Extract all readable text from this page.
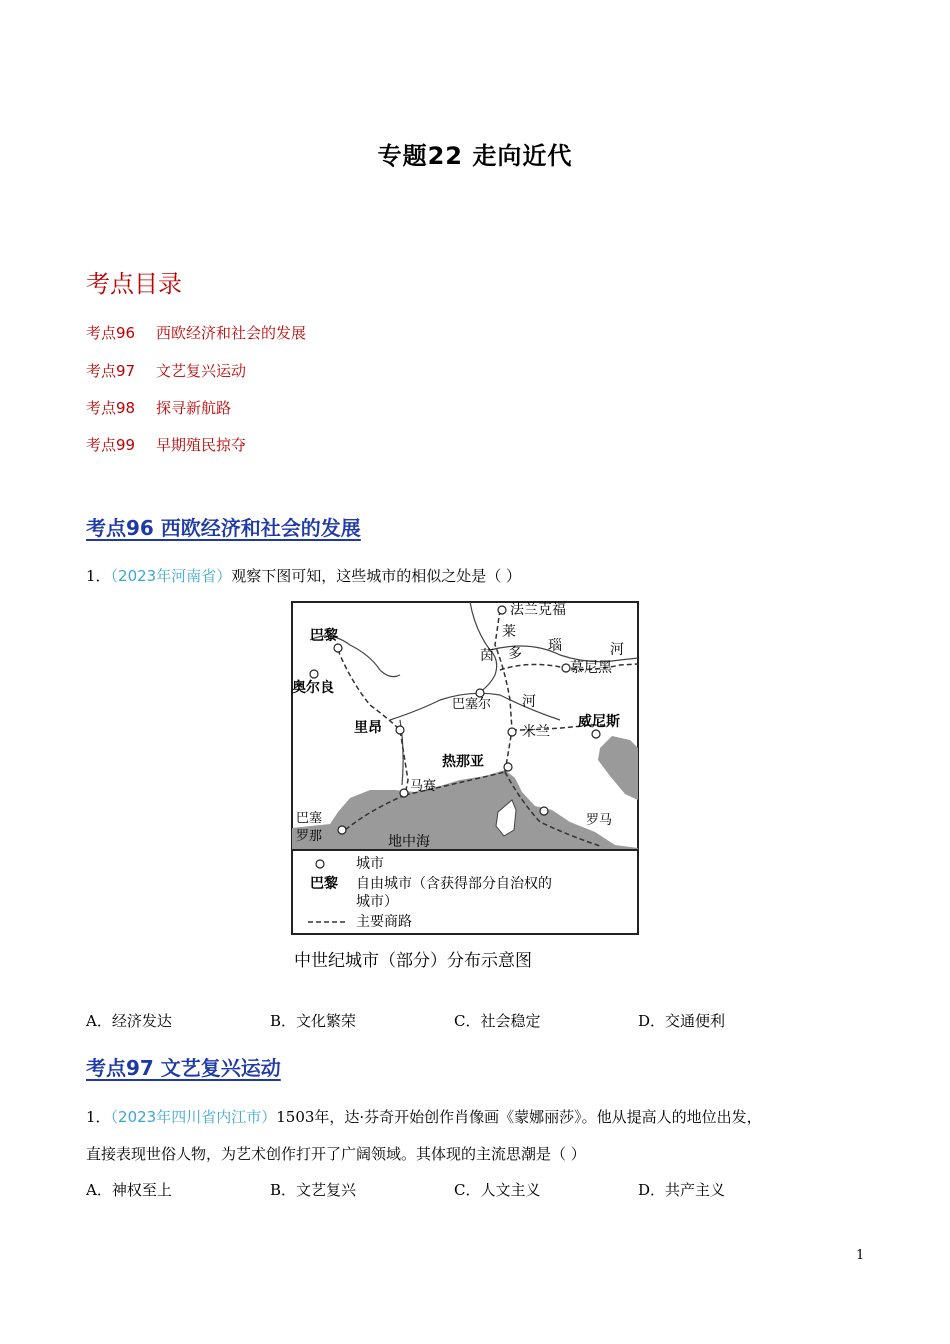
专题22 走向近代
考点目录
考点96 西欧经济和社会的发展
考点97 文艺复兴运动
考点98 探寻新航路
考点99 早期殖民掠夺
考点96 西欧经济和社会的发展
1．（2023年河南省）观察下图可知，这些城市的相似之处是（ ）
法兰克福
巴黎
奥尔良
慕尼黑
巴塞尔
里昂	米兰
威尼斯
热那亚
马赛
巴塞
罗那
罗马
莱
茵 多 瑙	河
河
地中海
城市
巴黎 自由城市（含获得部分自治权的
城市）
主要商路
中世纪城市（部分）分布示意图
A．经济发达	B．文化繁荣	C．社会稳定	D．交通便利
考点97 文艺复兴运动
1．（2023年四川省内江市）1503年，达·芬奇开始创作肖像画《蒙娜丽莎》。他从提高人的地位出发，
直接表现世俗人物，为艺术创作打开了广阔领域。其体现的主流思潮是（ ）
A．神权至上	B．文艺复兴	C．人文主义	D．共产主义
1
